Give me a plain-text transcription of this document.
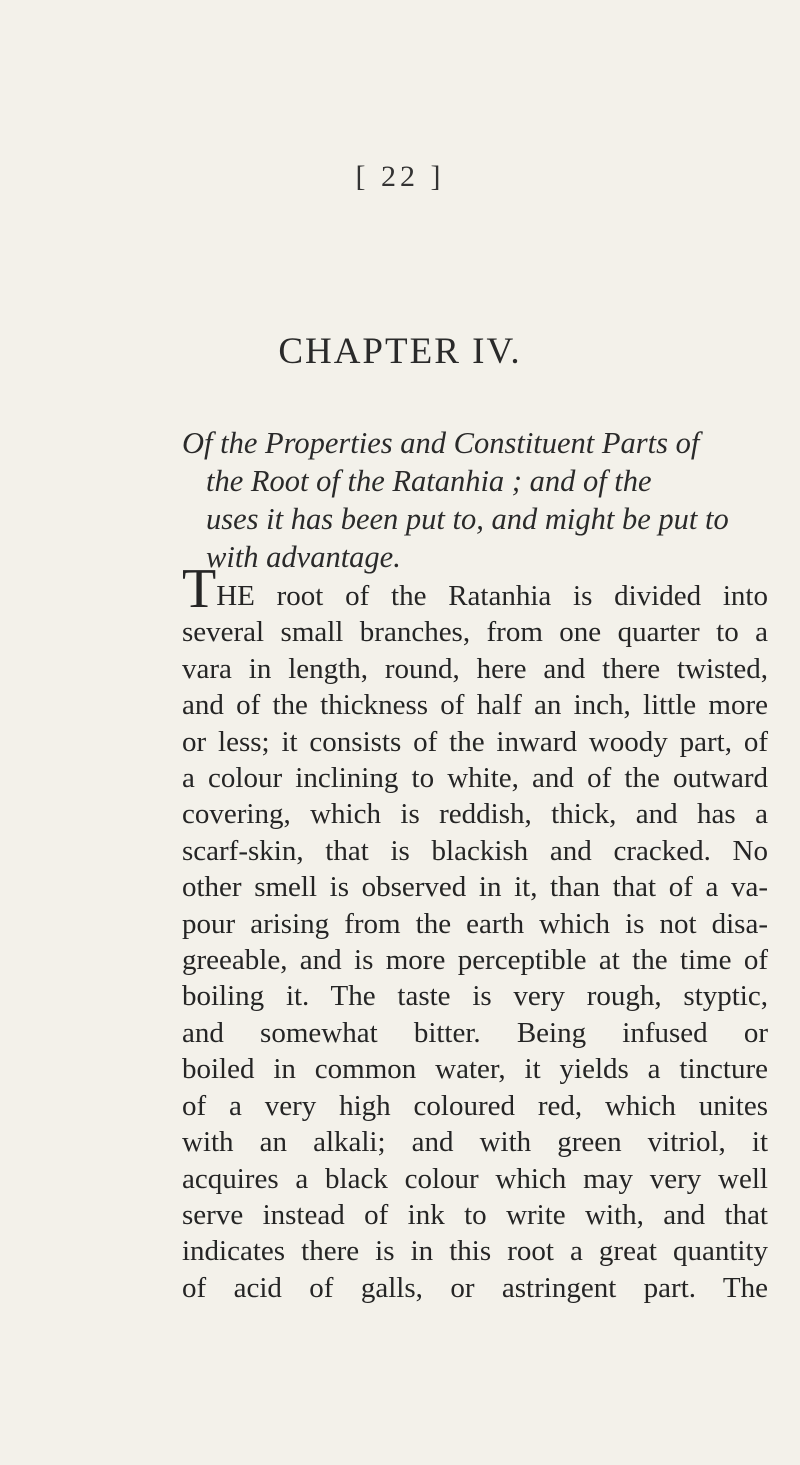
[ 22 ]
CHAPTER IV.
Of the Properties and Constituent Parts of
the Root of the Ratanhia ; and of the
uses it has been put to, and might be put to
with advantage.
THE root of the Ratanhia is divided into
several small branches, from one quarter to a
vara in length, round, here and there twisted,
and of the thickness of half an inch, little more
or less; it consists of the inward woody part, of
a colour inclining to white, and of the outward
covering, which is reddish, thick, and has a
scarf-skin, that is blackish and cracked. No
other smell is observed in it, than that of a va-
pour arising from the earth which is not disa-
greeable, and is more perceptible at the time of
boiling it. The taste is very rough, styptic,
and somewhat bitter. Being infused or
boiled in common water, it yields a tincture
of a very high coloured red, which unites
with an alkali; and with green vitriol, it
acquires a black colour which may very well
serve instead of ink to write with, and that
indicates there is in this root a great quantity
of acid of galls, or astringent part. The
